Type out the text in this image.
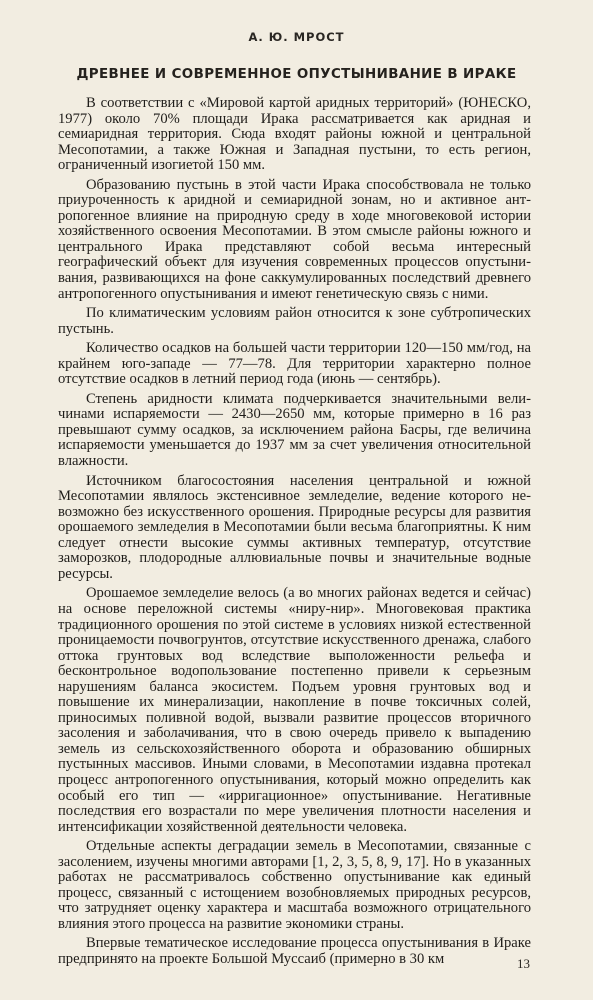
А. Ю. МРОСТ
ДРЕВНЕЕ И СОВРЕМЕННОЕ ОПУСТЫНИВАНИЕ В ИРАКЕ

В соответствии с «Мировой картой аридных территорий» (ЮНЕСКО, 1977) около 70% площади Ирака рассматривается как аридная и семиаридная территория. Сюда входят районы южной и центральной Месопотамии, а также Южная и Западная пустыни, то есть регион, ограниченный изогиетой 150 мм.

Образованию пустынь в этой части Ирака способствовала не только приуроченность к аридной и семиаридной зонам, но и активное антропогенное влияние на природную среду в ходе многовековой истории хозяйственного освоения Месопотамии. В этом смысле районы южного и центрального Ирака представляют собой весьма интересный географический объект для изучения современных процессов опустынивания, развивающихся на фоне саккумулированных последствий древнего антропогенного опустынивания и имеют генетическую связь с ними.

По климатическим условиям район относится к зоне субтропических пустынь.

Количество осадков на большей части территории 120—150 мм/год, на крайнем юго-западе — 77—78. Для территории характерно полное отсутствие осадков в летний период года (июнь — сентябрь).

Степень аридности климата подчеркивается значительными величинами испаряемости — 2430—2650 мм, которые примерно в 16 раз превышают сумму осадков, за исключением района Басры, где величина испаряемости уменьшается до 1937 мм за счет увеличения относительной влажности.

Источником благосостояния населения центральной и южной Месопотамии являлось экстенсивное земледелие, ведение которого невозможно без искусственного орошения. Природные ресурсы для развития орошаемого земледелия в Месопотамии были весьма благоприятны. К ним следует отнести высокие суммы активных температур, отсутствие заморозков, плодородные аллювиальные почвы и значительные водные ресурсы.

Орошаемое земледелие велось (а во многих районах ведется и сейчас) на основе переложной системы «ниру-нир». Многовековая практика традиционного орошения по этой системе в условиях низкой естественной проницаемости почвогрунтов, отсутствие искусственного дренажа, слабого оттока грунтовых вод вследствие выположенности рельефа и бесконтрольное водопользование постепенно привели к серьезным нарушениям баланса экосистем. Подъем уровня грунтовых вод и повышение их минерализации, накопление в почве токсичных солей, приносимых поливной водой, вызвали развитие процессов вторичного засоления и заболачивания, что в свою очередь привело к выпадению земель из сельскохозяйственного оборота и образованию обширных пустынных массивов. Иными словами, в Месопотамии издавна протекал процесс антропогенного опустынивания, который можно определить как особый его тип — «ирригационное» опустынивание. Негативные последствия его возрастали по мере увеличения плотности населения и интенсификации хозяйственной деятельности человека.

Отдельные аспекты деградации земель в Месопотамии, связанные с засолением, изучены многими авторами [1, 2, 3, 5, 8, 9, 17]. Но в указанных работах не рассматривалось собственно опустынивание как единый процесс, связанный с истощением возобновляемых природных ресурсов, что затрудняет оценку характера и масштаба возможного отрицательного влияния этого процесса на развитие экономики страны.

Впервые тематическое исследование процесса опустынивания в Ираке предпринято на проекте Большой Муссаиб (примерно в 30 км	13
